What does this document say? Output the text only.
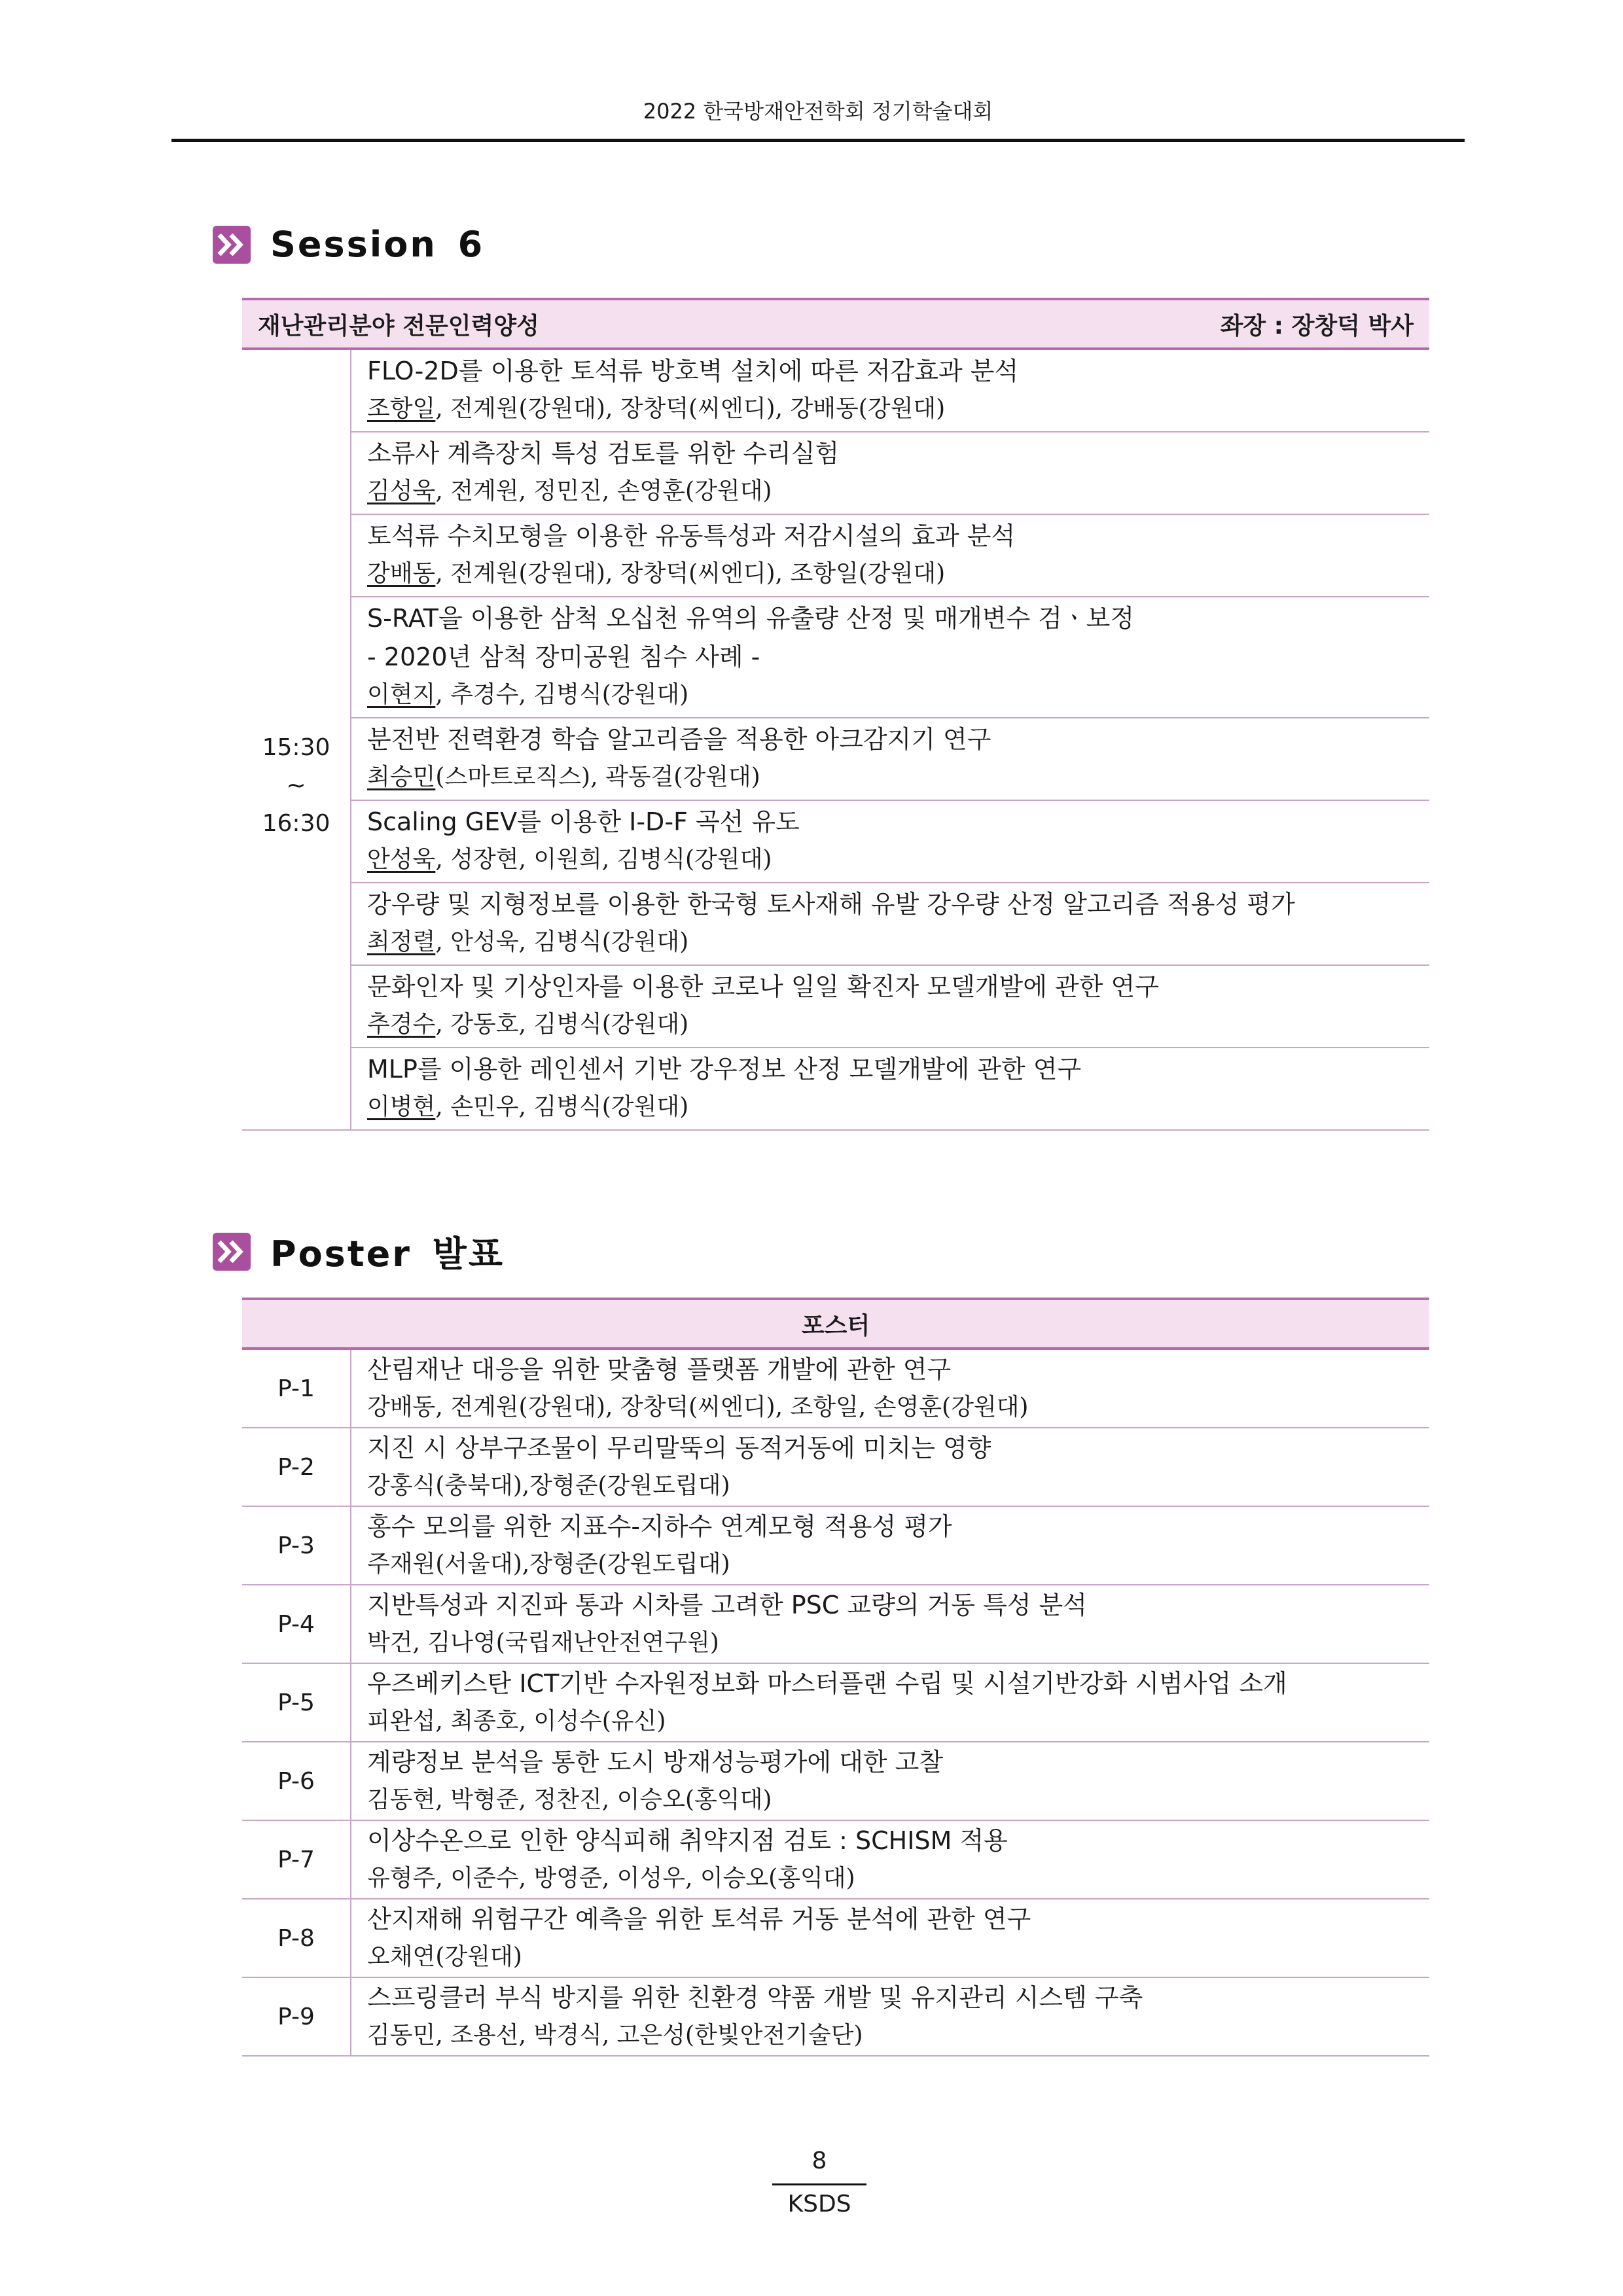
2022 한국방재안전학회 정기학술대회
Session 6
재난관리분야 전문인력양성	좌장 : 장창덕 박사

15:30
~
16:30

FLO-2D를 이용한 토석류 방호벽 설치에 따른 저감효과 분석
조항일, 전계원(강원대), 장창덕(씨엔디), 강배동(강원대)

소류사 계측장치 특성 검토를 위한 수리실험
김성욱, 전계원, 정민진, 손영훈(강원대)

토석류 수치모형을 이용한 유동특성과 저감시설의 효과 분석
강배동, 전계원(강원대), 장창덕(씨엔디), 조항일(강원대)

S-RAT을 이용한 삼척 오십천 유역의 유출량 산정 및 매개변수 검ㆍ보정
- 2020년 삼척 장미공원 침수 사례 -
이현지, 추경수, 김병식(강원대)

분전반 전력환경 학습 알고리즘을 적용한 아크감지기 연구
최승민(스마트로직스), 곽동걸(강원대)

Scaling GEV를 이용한 I-D-F 곡선 유도
안성욱, 성장현, 이원희, 김병식(강원대)

강우량 및 지형정보를 이용한 한국형 토사재해 유발 강우량 산정 알고리즘 적용성 평가
최정렬, 안성욱, 김병식(강원대)

문화인자 및 기상인자를 이용한 코로나 일일 확진자 모델개발에 관한 연구
추경수, 강동호, 김병식(강원대)

MLP를 이용한 레인센서 기반 강우정보 산정 모델개발에 관한 연구
이병현, 손민우, 김병식(강원대)
Poster 발표
포스터	
P-1	산림재난 대응을 위한 맞춤형 플랫폼 개발에 관한 연구
강배동, 전계원(강원대), 장창덕(씨엔디), 조항일, 손영훈(강원대)

P-2	지진 시 상부구조물이 무리말뚝의 동적거동에 미치는 영향
강홍식(충북대),장형준(강원도립대)

P-3	홍수 모의를 위한 지표수-지하수 연계모형 적용성 평가
주재원(서울대),장형준(강원도립대)

P-4	지반특성과 지진파 통과 시차를 고려한 PSC 교량의 거동 특성 분석
박건, 김나영(국립재난안전연구원)

P-5	우즈베키스탄 ICT기반 수자원정보화 마스터플랜 수립 및 시설기반강화 시범사업 소개
피완섭, 최종호, 이성수(유신)

P-6	계량정보 분석을 통한 도시 방재성능평가에 대한 고찰
김동현, 박형준, 정찬진, 이승오(홍익대)

P-7	이상수온으로 인한 양식피해 취약지점 검토 : SCHISM 적용
유형주, 이준수, 방영준, 이성우, 이승오(홍익대)

P-8	산지재해 위험구간 예측을 위한 토석류 거동 분석에 관한 연구
오채연(강원대)

P-9	스프링클러 부식 방지를 위한 친환경 약품 개발 및 유지관리 시스템 구축
김동민, 조용선, 박경식, 고은성(한빛안전기술단)
8
KSDS
